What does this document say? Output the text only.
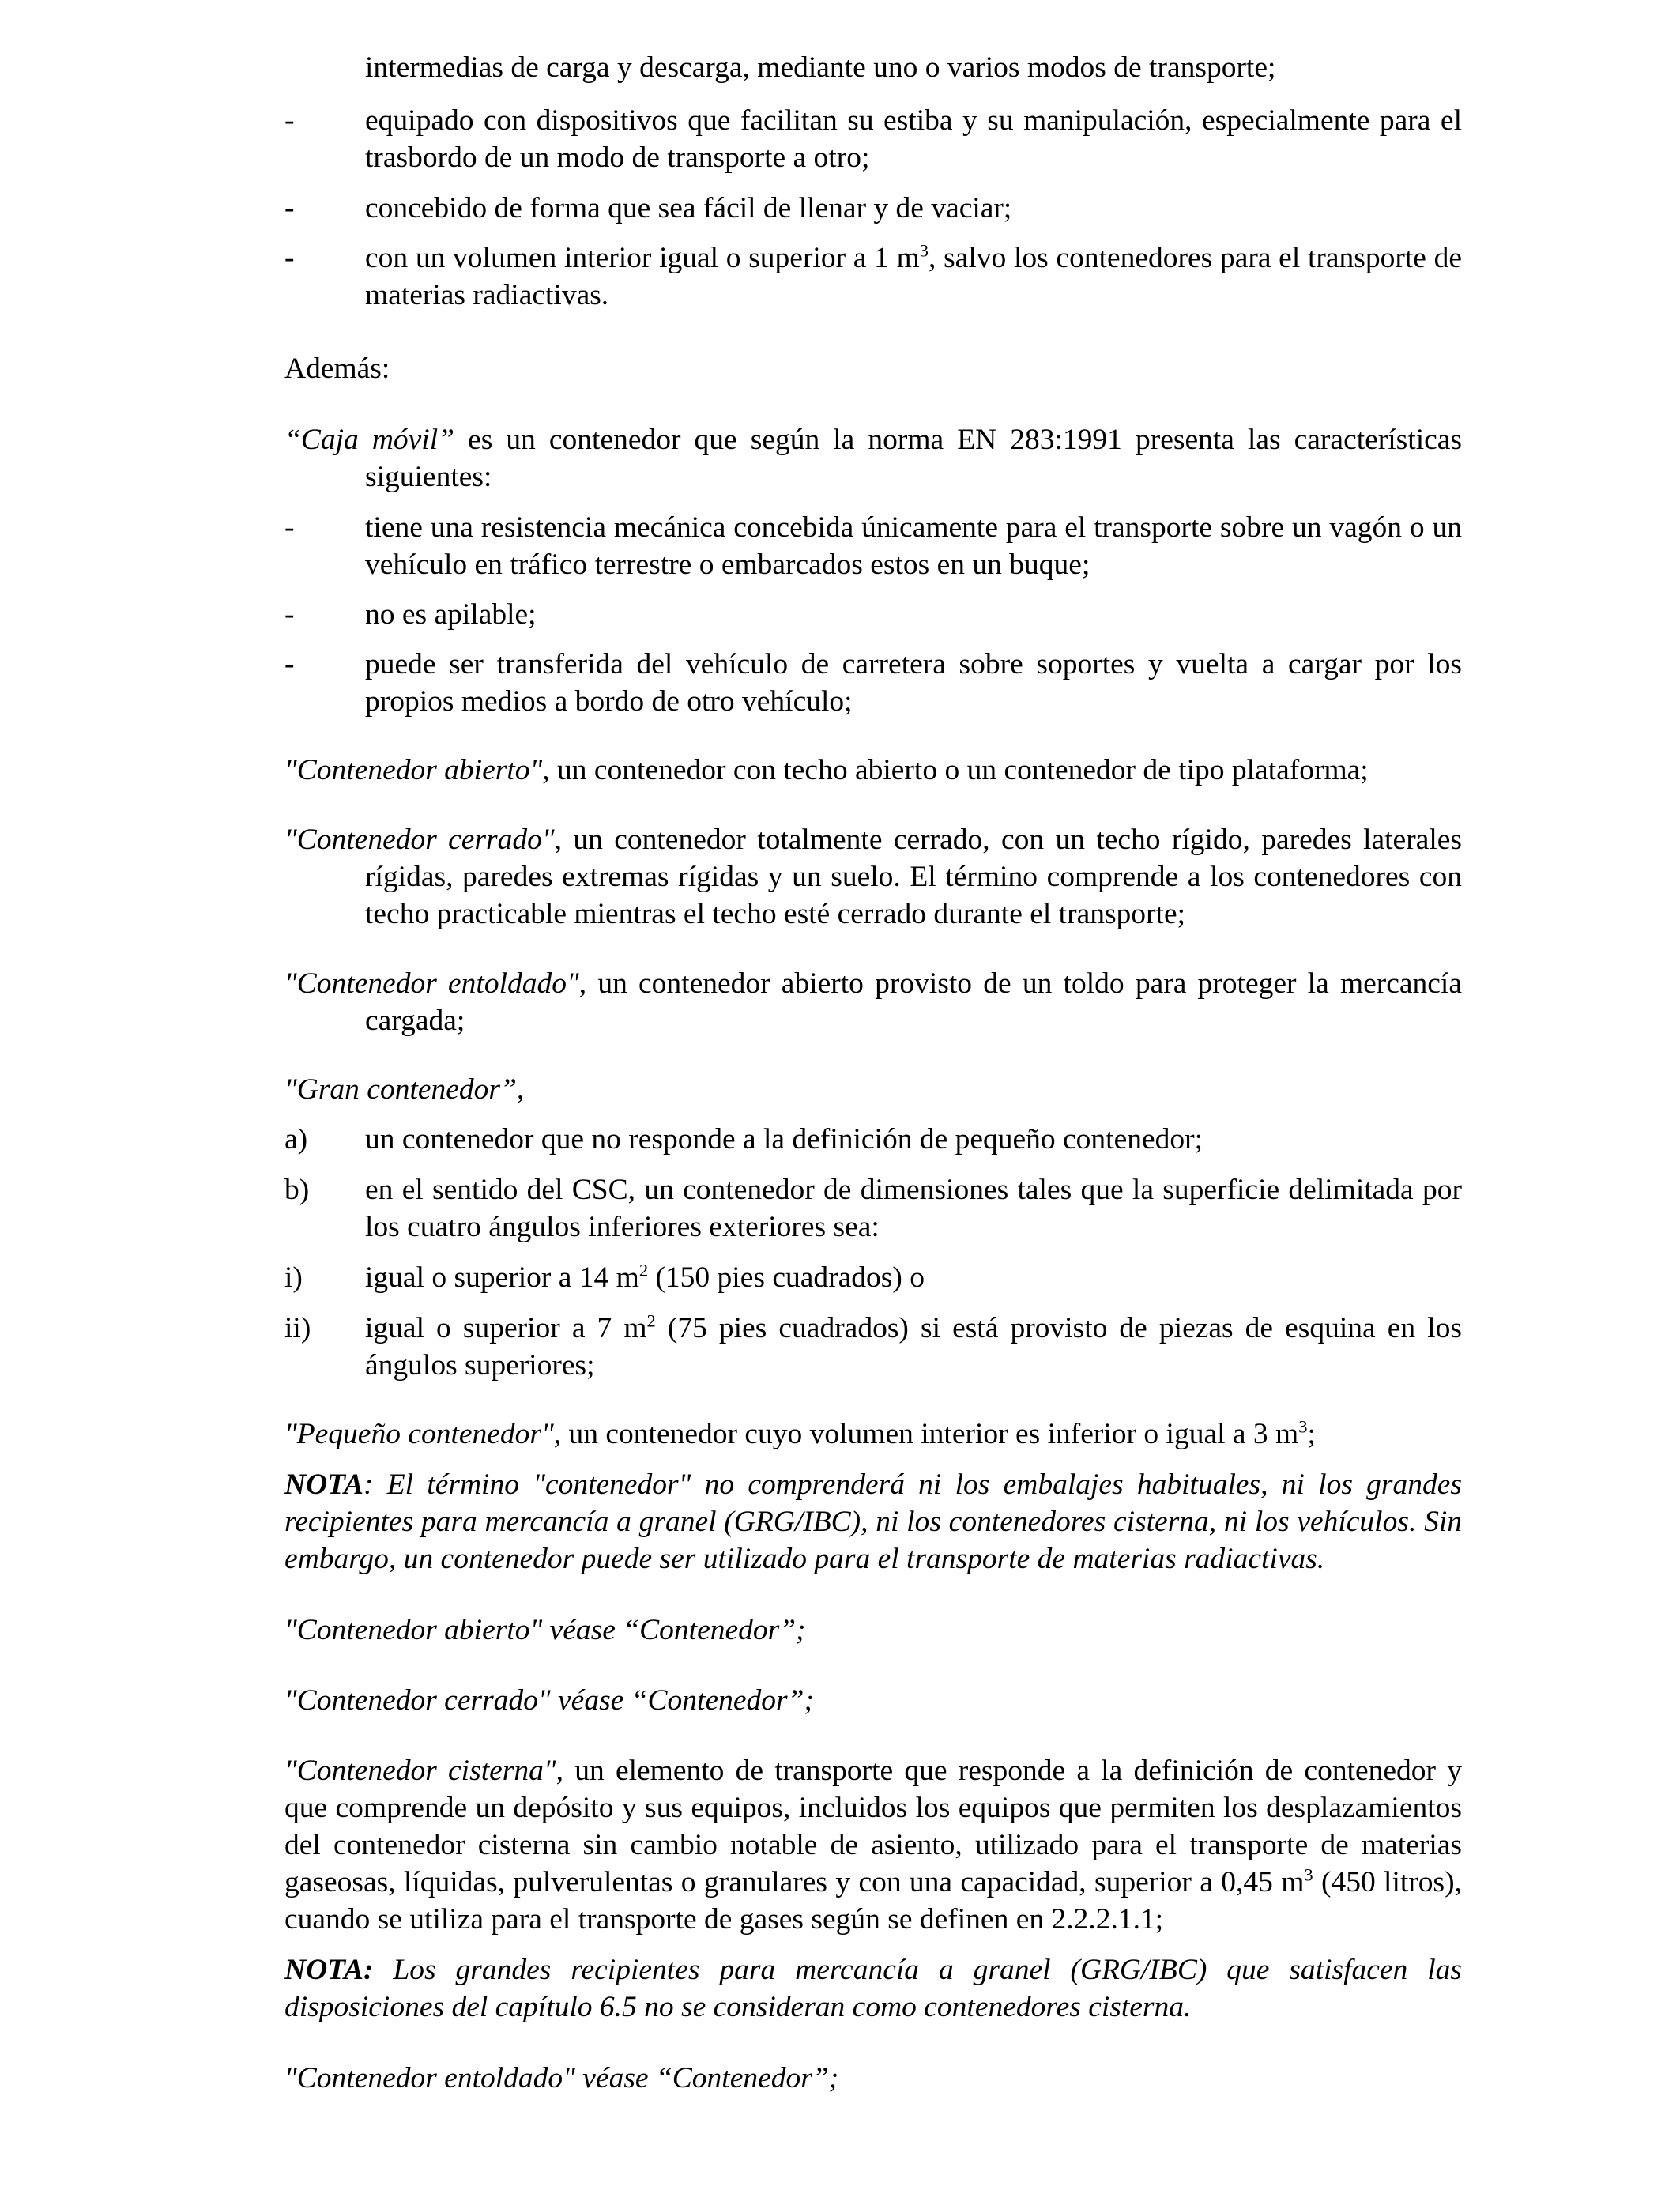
intermedias de carga y descarga, mediante uno o varios modos de transporte;

-	equipado con dispositivos que facilitan su estiba y su manipulación, especialmente para el trasbordo de un modo de transporte a otro;
-	concebido de forma que sea fácil de llenar y de vaciar;
-	con un volumen interior igual o superior a 1 $m^3$, salvo los contenedores para el transporte de materias radiactivas.

Además:

“Caja móvil” es un contenedor que según la norma EN 283:1991 presenta las características siguientes:

-	tiene una resistencia mecánica concebida únicamente para el transporte sobre un vagón o un vehículo en tráfico terrestre o embarcados estos en un buque;
-	no es apilable;
-	puede ser transferida del vehículo de carretera sobre soportes y vuelta a cargar por los propios medios a bordo de otro vehículo;

"Contenedor abierto", un contenedor con techo abierto o un contenedor de tipo plataforma;

"Contenedor cerrado", un contenedor totalmente cerrado, con un techo rígido, paredes laterales rígidas, paredes extremas rígidas y un suelo. El término comprende a los contenedores con techo practicable mientras el techo esté cerrado durante el transporte;

"Contenedor entoldado", un contenedor abierto provisto de un toldo para proteger la mercancía cargada;

"Gran contenedor”,

a)	un contenedor que no responde a la definición de pequeño contenedor;
b)	en el sentido del CSC, un contenedor de dimensiones tales que la superficie delimitada por los cuatro ángulos inferiores exteriores sea:
i)	igual o superior a 14 $m^2$ (150 pies cuadrados) o
ii)	igual o superior a 7 $m^2$ (75 pies cuadrados) si está provisto de piezas de esquina en los ángulos superiores;

"Pequeño contenedor", un contenedor cuyo volumen interior es inferior o igual a 3 $m^3$;

NOTA: El término "contenedor" no comprenderá ni los embalajes habituales, ni los grandes recipientes para mercancía a granel (GRG/IBC), ni los contenedores cisterna, ni los vehículos. Sin embargo, un contenedor puede ser utilizado para el transporte de materias radiactivas.

"Contenedor abierto" véase “Contenedor”;

"Contenedor cerrado" véase “Contenedor”;

"Contenedor cisterna", un elemento de transporte que responde a la definición de contenedor y que comprende un depósito y sus equipos, incluidos los equipos que permiten los desplazamientos del contenedor cisterna sin cambio notable de asiento, utilizado para el transporte de materias gaseosas, líquidas, pulverulentas o granulares y con una capacidad, superior a 0,45 $m^3$ (450 litros), cuando se utiliza para el transporte de gases según se definen en 2.2.2.1.1;

NOTA: Los grandes recipientes para mercancía a granel (GRG/IBC) que satisfacen las disposiciones del capítulo 6.5 no se consideran como contenedores cisterna.

"Contenedor entoldado" véase “Contenedor”;
